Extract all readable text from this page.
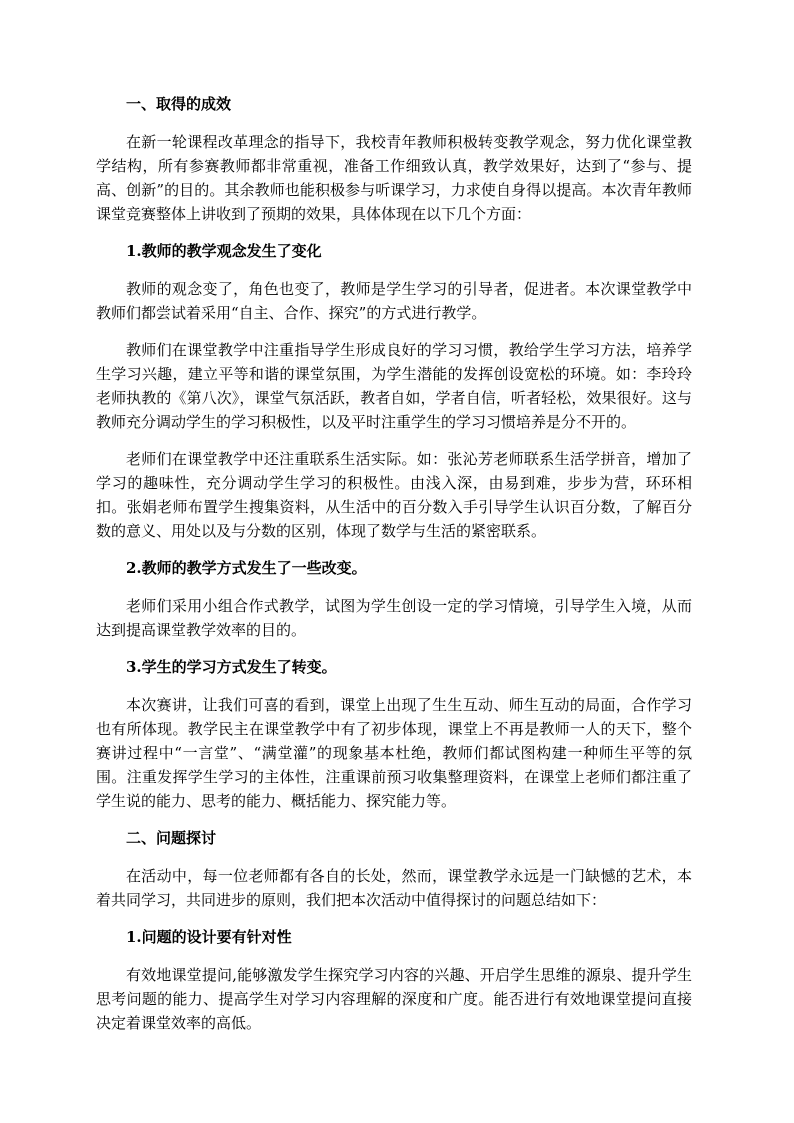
一、取得的成效

在新一轮课程改革理念的指导下，我校青年教师积极转变教学观念，努力优化课堂教学结构，所有参赛教师都非常重视，准备工作细致认真，教学效果好，达到了“参与、提高、创新”的目的。其余教师也能积极参与听课学习，力求使自身得以提高。本次青年教师课堂竞赛整体上讲收到了预期的效果，具体体现在以下几个方面：

1.教师的教学观念发生了变化

教师的观念变了，角色也变了，教师是学生学习的引导者，促进者。本次课堂教学中教师们都尝试着采用“自主、合作、探究”的方式进行教学。

教师们在课堂教学中注重指导学生形成良好的学习习惯，教给学生学习方法，培养学生学习兴趣，建立平等和谐的课堂氛围，为学生潜能的发挥创设宽松的环境。如：李玲玲老师执教的《第八次》，课堂气氛活跃，教者自如，学者自信，听者轻松，效果很好。这与教师充分调动学生的学习积极性，以及平时注重学生的学习习惯培养是分不开的。

老师们在课堂教学中还注重联系生活实际。如：张沁芳老师联系生活学拼音，增加了学习的趣味性，充分调动学生学习的积极性。由浅入深，由易到难，步步为营，环环相扣。张娟老师布置学生搜集资料，从生活中的百分数入手引导学生认识百分数，了解百分数的意义、用处以及与分数的区别，体现了数学与生活的紧密联系。

2.教师的教学方式发生了一些改变。

老师们采用小组合作式教学，试图为学生创设一定的学习情境，引导学生入境，从而达到提高课堂教学效率的目的。

3.学生的学习方式发生了转变。

本次赛讲，让我们可喜的看到，课堂上出现了生生互动、师生互动的局面，合作学习也有所体现。教学民主在课堂教学中有了初步体现，课堂上不再是教师一人的天下，整个赛讲过程中“一言堂”、“满堂灌”的现象基本杜绝，教师们都试图构建一种师生平等的氛围。注重发挥学生学习的主体性，注重课前预习收集整理资料，在课堂上老师们都注重了学生说的能力、思考的能力、概括能力、探究能力等。

二、问题探讨

在活动中，每一位老师都有各自的长处，然而，课堂教学永远是一门缺憾的艺术，本着共同学习，共同进步的原则，我们把本次活动中值得探讨的问题总结如下：

1.问题的设计要有针对性

有效地课堂提问,能够激发学生探究学习内容的兴趣、开启学生思维的源泉、提升学生思考问题的能力、提高学生对学习内容理解的深度和广度。能否进行有效地课堂提问直接决定着课堂效率的高低。
